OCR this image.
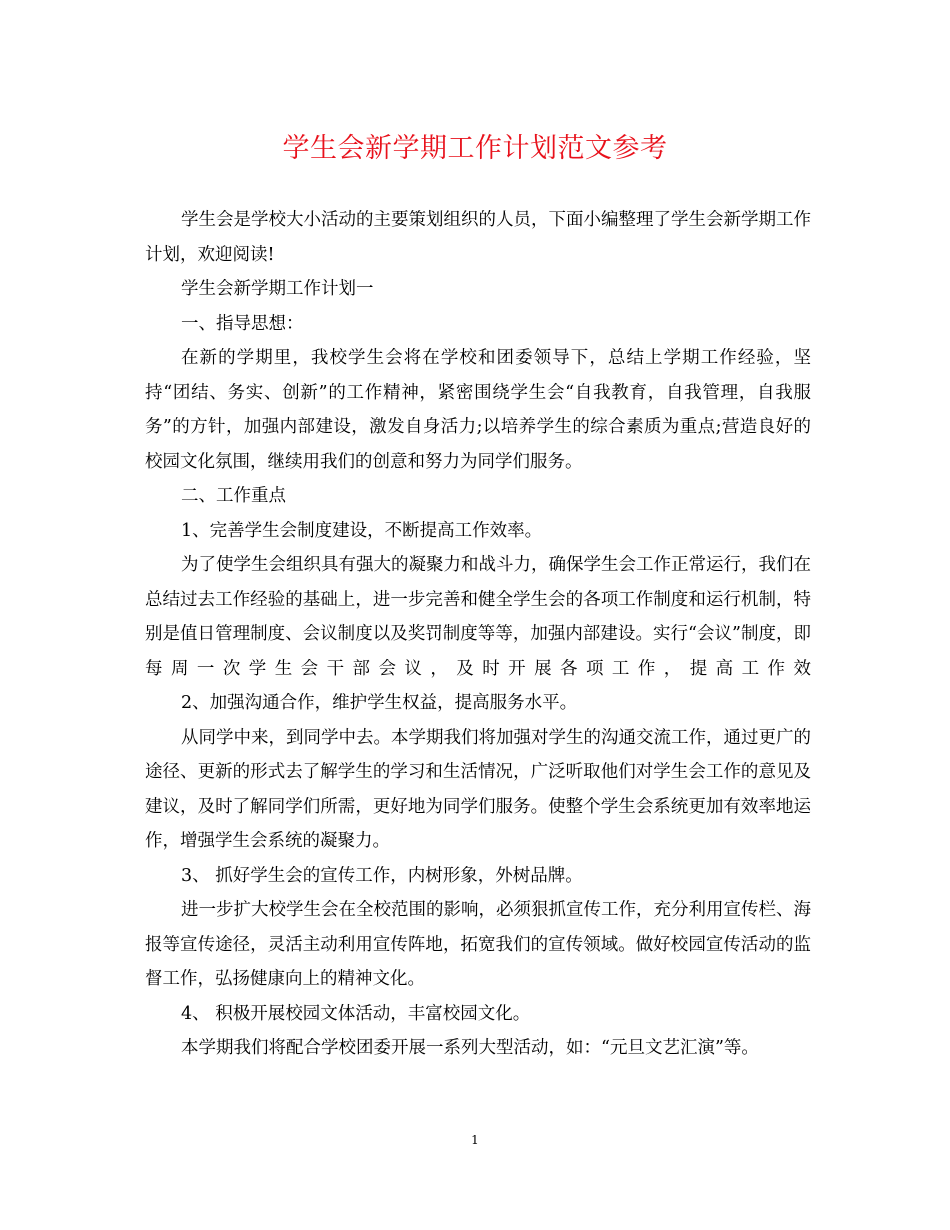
学生会新学期工作计划范文参考

学生会是学校大小活动的主要策划组织的人员，下面小编整理了学生会新学期工作计划，欢迎阅读!

学生会新学期工作计划一

一、指导思想：

在新的学期里，我校学生会将在学校和团委领导下，总结上学期工作经验，坚持“团结、务实、创新”的工作精神，紧密围绕学生会“自我教育，自我管理，自我服务”的方针，加强内部建设，激发自身活力;以培养学生的综合素质为重点;营造良好的校园文化氛围，继续用我们的创意和努力为同学们服务。

二、工作重点

1、完善学生会制度建设，不断提高工作效率。

为了使学生会组织具有强大的凝聚力和战斗力，确保学生会工作正常运行，我们在总结过去工作经验的基础上，进一步完善和健全学生会的各项工作制度和运行机制，特别是值日管理制度、会议制度以及奖罚制度等等，加强内部建设。实行“会议”制度，即每周一次学生会干部会议，及时开展各项工作，提高工作效

2、加强沟通合作，维护学生权益，提高服务水平。

从同学中来，到同学中去。本学期我们将加强对学生的沟通交流工作，通过更广的途径、更新的形式去了解学生的学习和生活情况，广泛听取他们对学生会工作的意见及建议，及时了解同学们所需，更好地为同学们服务。使整个学生会系统更加有效率地运作，增强学生会系统的凝聚力。

3、 抓好学生会的宣传工作，内树形象，外树品牌。

进一步扩大校学生会在全校范围的影响，必须狠抓宣传工作，充分利用宣传栏、海报等宣传途径，灵活主动利用宣传阵地，拓宽我们的宣传领域。做好校园宣传活动的监督工作，弘扬健康向上的精神文化。

4、 积极开展校园文体活动，丰富校园文化。

本学期我们将配合学校团委开展一系列大型活动，如：“元旦文艺汇演”等。

1
